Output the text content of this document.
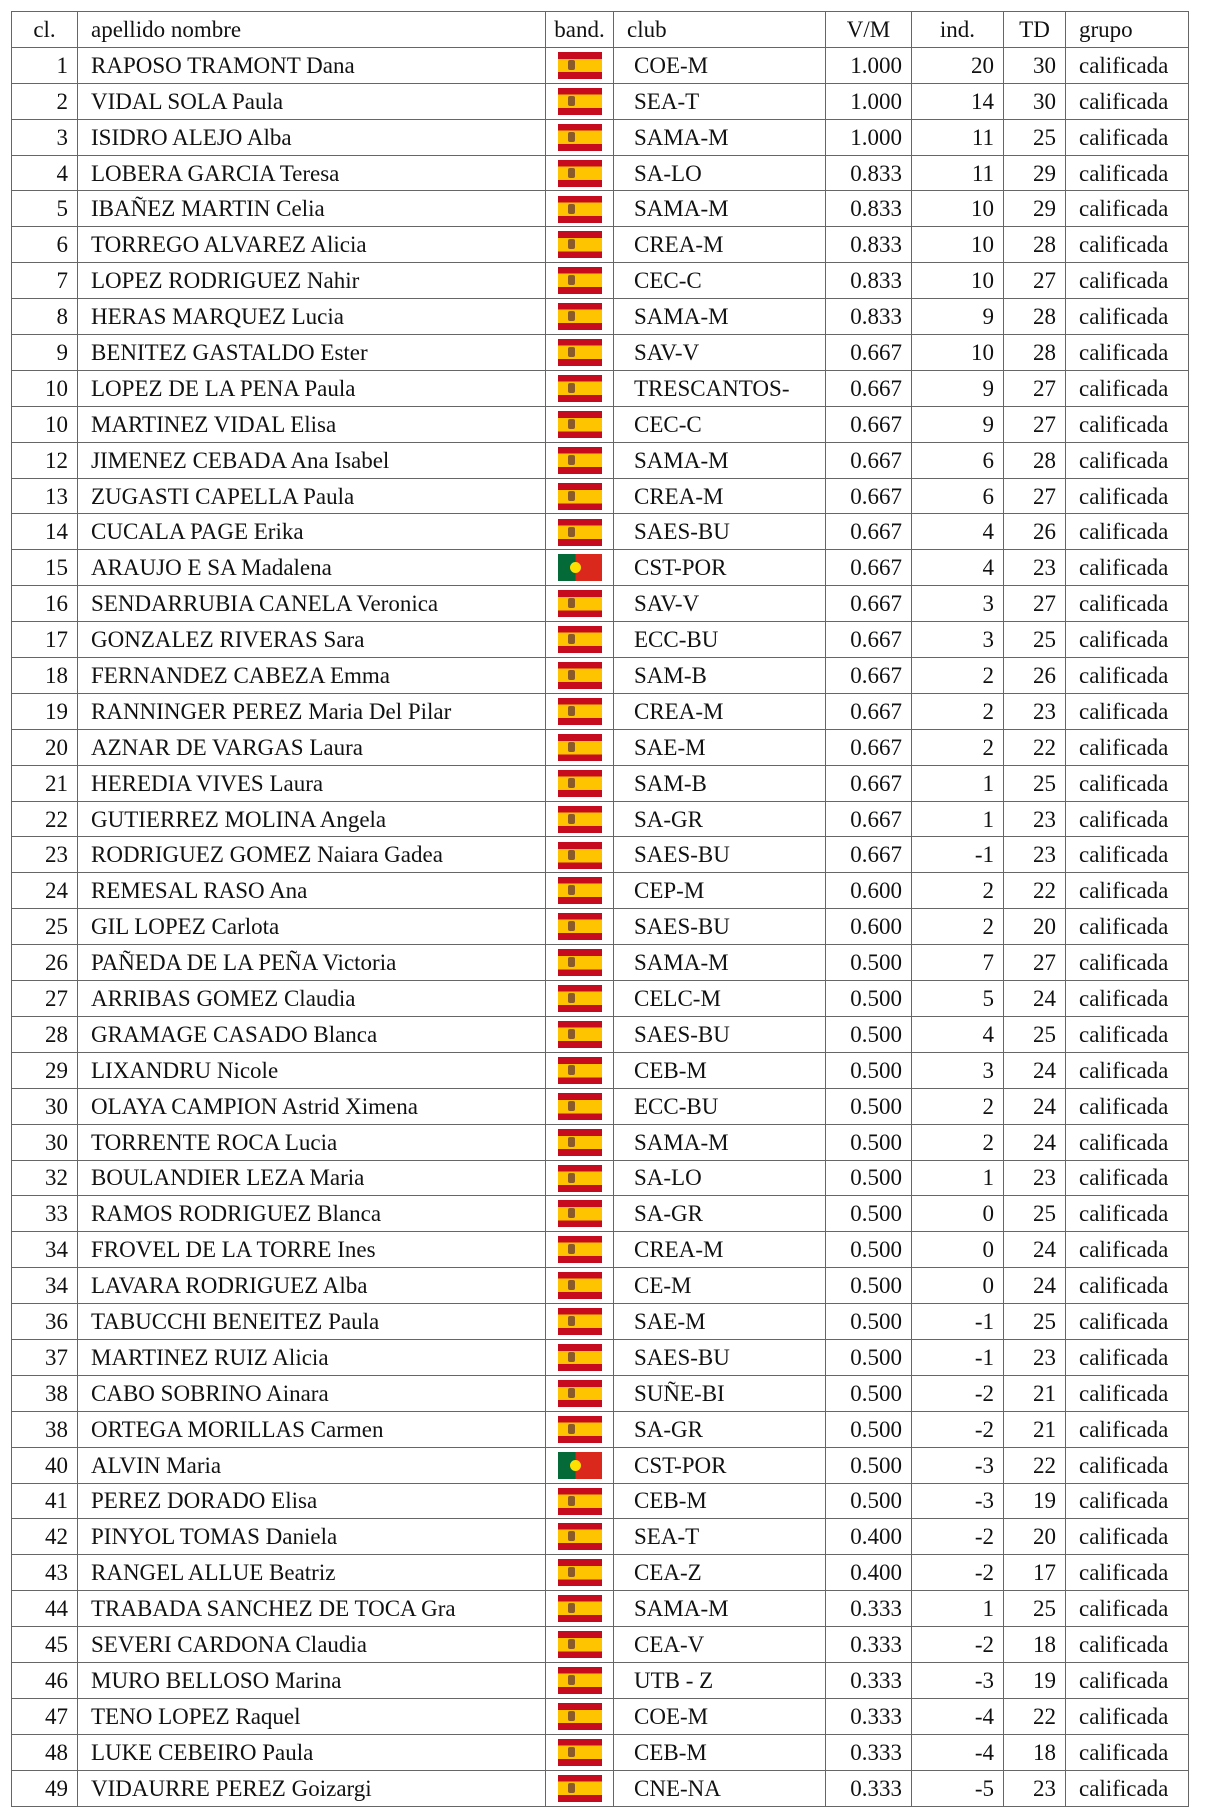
cl.	apellido nombre	band.	club	V/M	ind.	TD	grupo
1	RAPOSO TRAMONT Dana		COE-M	1.000	20	30	calificada
2	VIDAL SOLA Paula		SEA-T	1.000	14	30	calificada
3	ISIDRO ALEJO Alba		SAMA-M	1.000	11	25	calificada
4	LOBERA GARCIA Teresa		SA-LO	0.833	11	29	calificada
5	IBAÑEZ MARTIN Celia		SAMA-M	0.833	10	29	calificada
6	TORREGO ALVAREZ Alicia		CREA-M	0.833	10	28	calificada
7	LOPEZ RODRIGUEZ Nahir		CEC-C	0.833	10	27	calificada
8	HERAS MARQUEZ Lucia		SAMA-M	0.833	9	28	calificada
9	BENITEZ GASTALDO Ester		SAV-V	0.667	10	28	calificada
10	LOPEZ DE LA PENA Paula		TRESCANTOS-	0.667	9	27	calificada
10	MARTINEZ VIDAL Elisa		CEC-C	0.667	9	27	calificada
12	JIMENEZ CEBADA Ana Isabel		SAMA-M	0.667	6	28	calificada
13	ZUGASTI CAPELLA Paula		CREA-M	0.667	6	27	calificada
14	CUCALA PAGE Erika		SAES-BU	0.667	4	26	calificada
15	ARAUJO E SA Madalena		CST-POR	0.667	4	23	calificada
16	SENDARRUBIA CANELA Veronica		SAV-V	0.667	3	27	calificada
17	GONZALEZ RIVERAS Sara		ECC-BU	0.667	3	25	calificada
18	FERNANDEZ CABEZA Emma		SAM-B	0.667	2	26	calificada
19	RANNINGER PEREZ Maria Del Pilar		CREA-M	0.667	2	23	calificada
20	AZNAR DE VARGAS Laura		SAE-M	0.667	2	22	calificada
21	HEREDIA VIVES Laura		SAM-B	0.667	1	25	calificada
22	GUTIERREZ MOLINA Angela		SA-GR	0.667	1	23	calificada
23	RODRIGUEZ GOMEZ Naiara Gadea		SAES-BU	0.667	-1	23	calificada
24	REMESAL RASO Ana		CEP-M	0.600	2	22	calificada
25	GIL LOPEZ Carlota		SAES-BU	0.600	2	20	calificada
26	PAÑEDA DE LA PEÑA Victoria		SAMA-M	0.500	7	27	calificada
27	ARRIBAS GOMEZ Claudia		CELC-M	0.500	5	24	calificada
28	GRAMAGE CASADO Blanca		SAES-BU	0.500	4	25	calificada
29	LIXANDRU Nicole		CEB-M	0.500	3	24	calificada
30	OLAYA CAMPION Astrid Ximena		ECC-BU	0.500	2	24	calificada
30	TORRENTE ROCA Lucia		SAMA-M	0.500	2	24	calificada
32	BOULANDIER LEZA Maria		SA-LO	0.500	1	23	calificada
33	RAMOS RODRIGUEZ Blanca		SA-GR	0.500	0	25	calificada
34	FROVEL DE LA TORRE Ines		CREA-M	0.500	0	24	calificada
34	LAVARA RODRIGUEZ Alba		CE-M	0.500	0	24	calificada
36	TABUCCHI BENEITEZ Paula		SAE-M	0.500	-1	25	calificada
37	MARTINEZ RUIZ Alicia		SAES-BU	0.500	-1	23	calificada
38	CABO SOBRINO Ainara		SUÑE-BI	0.500	-2	21	calificada
38	ORTEGA MORILLAS Carmen		SA-GR	0.500	-2	21	calificada
40	ALVIN Maria		CST-POR	0.500	-3	22	calificada
41	PEREZ DORADO Elisa		CEB-M	0.500	-3	19	calificada
42	PINYOL TOMAS Daniela		SEA-T	0.400	-2	20	calificada
43	RANGEL ALLUE Beatriz		CEA-Z	0.400	-2	17	calificada
44	TRABADA SANCHEZ DE TOCA Gra		SAMA-M	0.333	1	25	calificada
45	SEVERI CARDONA Claudia		CEA-V	0.333	-2	18	calificada
46	MURO BELLOSO Marina		UTB - Z	0.333	-3	19	calificada
47	TENO LOPEZ Raquel		COE-M	0.333	-4	22	calificada
48	LUKE CEBEIRO Paula		CEB-M	0.333	-4	18	calificada
49	VIDAURRE PEREZ Goizargi		CNE-NA	0.333	-5	23	calificada
